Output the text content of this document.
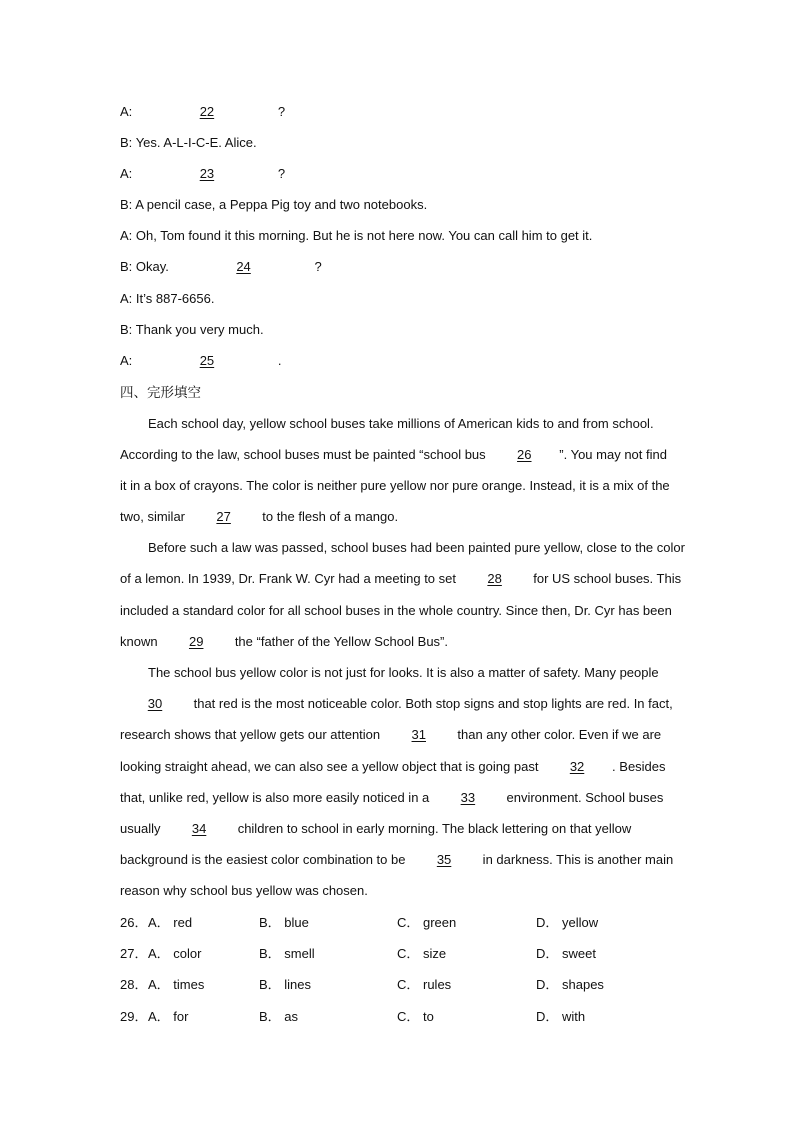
A:	22	?
B: Yes. A-L-I-C-E. Alice.
A:	23	?
B: A pencil case, a Peppa Pig toy and two notebooks.
A: Oh, Tom found it this morning. But he is not here now. You can call him to get it.
B: Okay.	24	?
A: It’s 887-6656.
B: Thank you very much.
A:	25	.
四、完形填空
Each school day, yellow school buses take millions of American kids to and from school.
According to the law, school buses must be painted “school bus 26 ”. You may not find
it in a box of crayons. The color is neither pure yellow nor pure orange. Instead, it is a mix of the
two, similar 27 to the flesh of a mango.
Before such a law was passed, school buses had been painted pure yellow, close to the color
of a lemon. In 1939, Dr. Frank W. Cyr had a meeting to set 28 for US school buses. This
included a standard color for all school buses in the whole country. Since then, Dr. Cyr has been
known 29 the “father of the Yellow School Bus”.
The school bus yellow color is not just for looks. It is also a matter of safety. Many people
30 that red is the most noticeable color. Both stop signs and stop lights are red. In fact,
research shows that yellow gets our attention 31 than any other color. Even if we are
looking straight ahead, we can also see a yellow object that is going past 32 . Besides
that, unlike red, yellow is also more easily noticed in a 33 environment. School buses
usually 34 children to school in early morning. The black lettering on that yellow
background is the easiest color combination to be 35 in darkness. This is another main
reason why school bus yellow was chosen.
26． A． red	B． blue	C． green	D． yellow
27． A． color	B． smell	C． size	D． sweet
28． A． times	B． lines	C． rules	D． shapes
29． A． for	B． as	C． to	D． with
